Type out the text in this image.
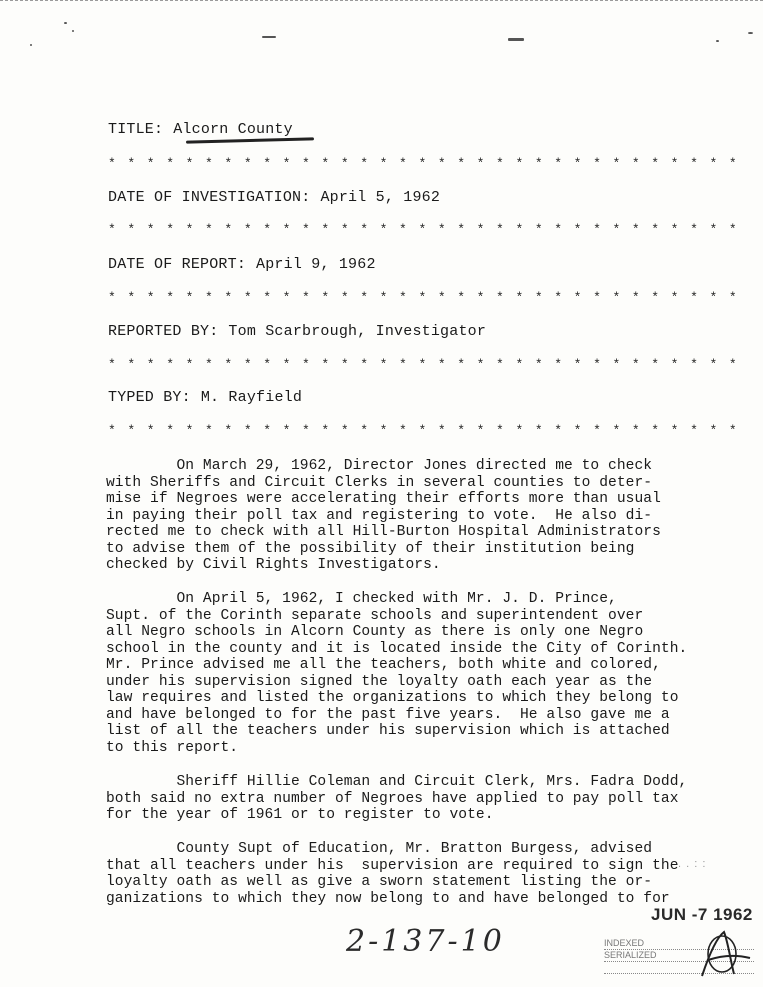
TITLE: Alcorn County
* * * * * * * * * * * * * * * * * * * * * * * * * * * * * * * * *
DATE OF INVESTIGATION: April 5, 1962
* * * * * * * * * * * * * * * * * * * * * * * * * * * * * * * * *
DATE OF REPORT: April 9, 1962
* * * * * * * * * * * * * * * * * * * * * * * * * * * * * * * * *
REPORTED BY: Tom Scarbrough, Investigator
* * * * * * * * * * * * * * * * * * * * * * * * * * * * * * * * *
TYPED BY: M. Rayfield
* * * * * * * * * * * * * * * * * * * * * * * * * * * * * * * * *
On March 29, 1962, Director Jones directed me to check
with Sheriffs and Circuit Clerks in several counties to deter-
mise if Negroes were accelerating their efforts more than usual
in paying their poll tax and registering to vote.  He also di-
rected me to check with all Hill-Burton Hospital Administrators
to advise them of the possibility of their institution being
checked by Civil Rights Investigators.
On April 5, 1962, I checked with Mr. J. D. Prince,
Supt. of the Corinth separate schools and superintendent over
all Negro schools in Alcorn County as there is only one Negro
school in the county and it is located inside the City of Corinth.
Mr. Prince advised me all the teachers, both white and colored,
under his supervision signed the loyalty oath each year as the
law requires and listed the organizations to which they belong to
and have belonged to for the past five years.  He also gave me a
list of all the teachers under his supervision which is attached
to this report.
Sheriff Hillie Coleman and Circuit Clerk, Mrs. Fadra Dodd,
both said no extra number of Negroes have applied to pay poll tax
for the year of 1961 or to register to vote.
County Supt of Education, Mr. Bratton Burgess, advised
that all teachers under his  supervision are required to sign the
loyalty oath as well as give a sworn statement listing the or-
ganizations to which they now belong to and have belonged to for
. . : :
JUN -7 1962
2-137-10	INDEXED
SERIALIZED
